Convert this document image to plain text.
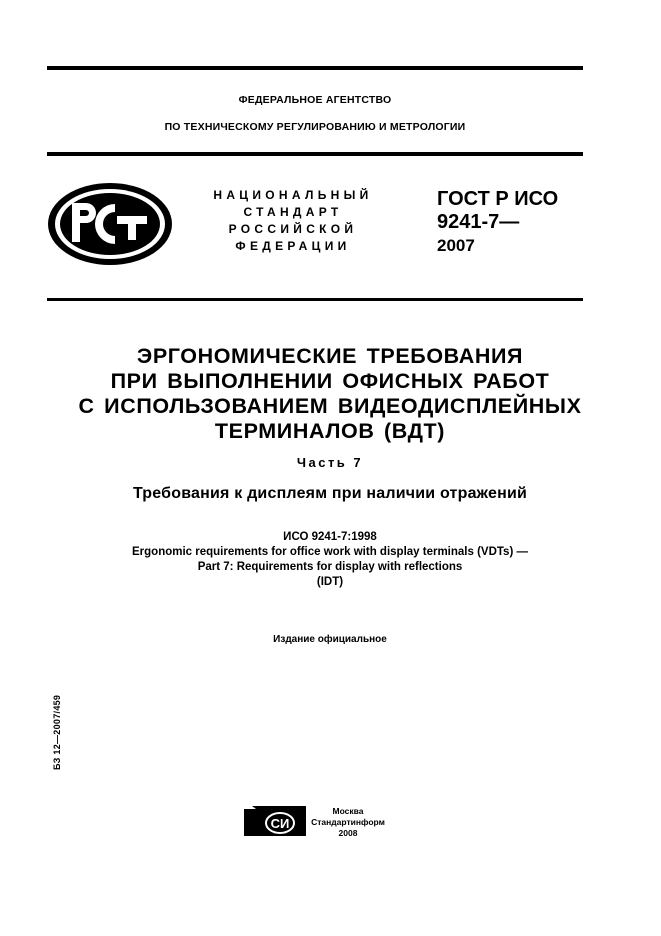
ФЕДЕРАЛЬНОЕ АГЕНТСТВО
ПО ТЕХНИЧЕСКОМУ РЕГУЛИРОВАНИЮ И МЕТРОЛОГИИ
НАЦИОНАЛЬНЫЙ
СТАНДАРТ
РОССИЙСКОЙ
ФЕДЕРАЦИИ
ГОСТ Р ИСО
9241-7—
2007
ЭРГОНОМИЧЕСКИЕ ТРЕБОВАНИЯ
ПРИ ВЫПОЛНЕНИИ ОФИСНЫХ РАБОТ
С ИСПОЛЬЗОВАНИЕМ ВИДЕОДИСПЛЕЙНЫХ
ТЕРМИНАЛОВ (ВДТ)
Часть 7
Требования к дисплеям при наличии отражений
ИСО 9241-7:1998
Ergonomic requirements for office work with display terminals (VDTs) —
Part 7: Requirements for display with reflections
(IDT)
Издание официальное
БЗ 12—2007/459
СИ
Москва
Стандартинформ
2008
